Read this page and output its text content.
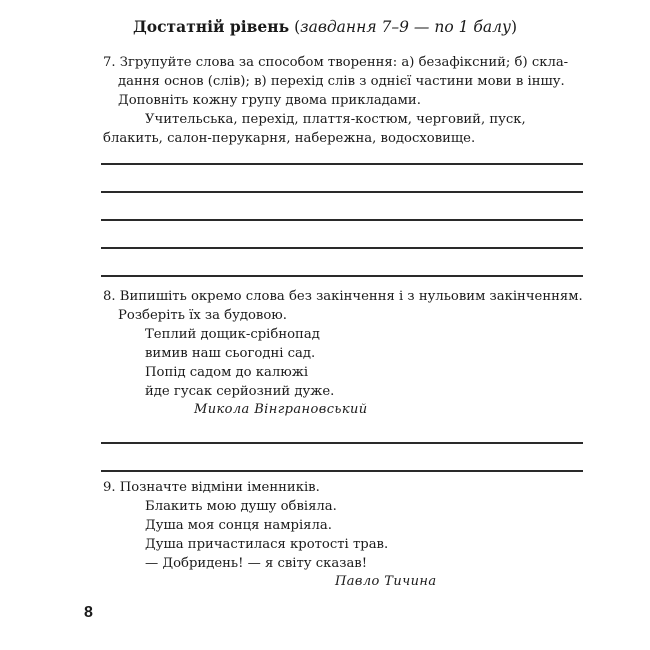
Достатній рівень (завдання 7–9 — по 1 балу)
7. Згрупуйте слова за способом творення: а) безафіксний; б) скла-
дання основ (слів); в) перехід слів з однієї частини мови в іншу.
Доповніть кожну групу двома прикладами.
Учительська, перехід, плаття-костюм, черговий, пуск,
блакить, салон-перукарня, набережна, водосховище.
8. Випишіть окремо слова без закінчення і з нульовим закінченням.
Розберіть їх за будовою.
Теплий дощик-срібнопад
вимив наш сьогодні сад.
Попід садом до калюжі
йде гусак серйозний дуже.
Микола Вінграновський
9. Позначте відміни іменників.
Блакить мою душу обвіяла.
Душа моя сонця намріяла.
Душа причастилася кротості трав.
— Добридень! — я світу сказав!
Павло Тичина
8
